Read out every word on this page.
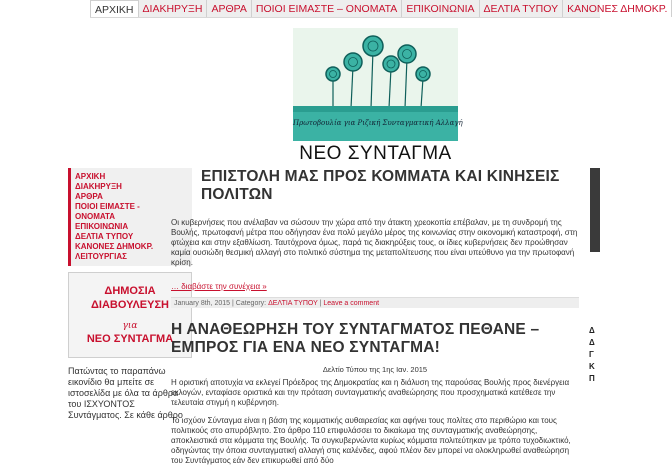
ΑΡΧΙΚΗ ΔΙΑΚΗΡΥΞΗ ΑΡΘΡΑ ΠΟΙΟΙ ΕΙΜΑΣΤΕ – ΟΝΟΜΑΤΑ ΕΠΙΚΟΙΝΩΝΙΑ ΔΕΛΤΙΑ ΤΥΠΟΥ ΚΑΝΟΝΕΣ ΔΗΜΟΚΡ.
Πρωτοβουλία για Ριζική Συνταγματική Αλλαγή
ΝΕΟ ΣΥΝΤΑΓΜΑ
ΑΡΧΙΚΗ
ΔΙΑΚΗΡΥΞΗ
ΑΡΘΡΑ
ΠΟΙΟΙ ΕΙΜΑΣΤΕ -
ΟΝΟΜΑΤΑ
ΕΠΙΚΟΙΝΩΝΙΑ
ΔΕΛΤΙΑ ΤΥΠΟΥ
ΚΑΝΟΝΕΣ ΔΗΜΟΚΡ.
ΛΕΙΤΟΥΡΓΙΑΣ
ΔΗΜΟΣΙΑ
ΔΙΑΒΟΥΛΕΥΣΗ
για
ΝΕΟ ΣΥΝΤΑΓΜΑ
Πατώντας το παραπάνω
εικονίδιο θα μπείτε σε
ιστοσελίδα με όλα τα άρθρα
του ΙΣΧΥΟΝΤΟΣ
Συντάγματος. Σε κάθε άρθρο
ΕΠΙΣΤΟΛΗ ΜΑΣ ΠΡΟΣ ΚΟΜΜΑΤΑ ΚΑΙ ΚΙΝΗΣΕΙΣ ΠΟΛΙΤΩΝ

Οι κυβερνήσεις που ανέλαβαν να σώσουν την χώρα από την άτακτη χρεοκοπία επέβαλαν, με τη συνδρομή της Βουλής, πρωτοφανή μέτρα που οδήγησαν ένα πολύ μεγάλο μέρος της κοινωνίας στην οικονομική καταστροφή, στη φτώχεια και στην εξαθλίωση. Ταυτόχρονα όμως, παρά τις διακηρύξεις τους, οι ίδιες κυβερνήσεις δεν προώθησαν καμία ουσιώδη θεσμική αλλαγή στο πολιτικό σύστημα της μεταπολίτευσης που είναι υπεύθυνο για την πρωτοφανή κρίση.

… διαβάστε την συνέχεια »
January 8th, 2015 | Category: ΔΕΛΤΙΑ ΤΥΠΟΥ | Leave a comment
Η ΑΝΑΘΕΩΡΗΣΗ ΤΟΥ ΣΥΝΤΑΓΜΑΤΟΣ ΠΕΘΑΝΕ – ΕΜΠΡΟΣ ΓΙΑ ΕΝΑ ΝΕΟ ΣΥΝΤΑΓΜΑ!

Δελτίο Τύπου της 1ης Ιαν. 2015

Η οριστική αποτυχία να εκλεγεί Πρόεδρος της Δημοκρατίας και η διάλυση της παρούσας Βουλής προς διενέργεια εκλογών, ενταφίασε οριστικά και την πρόταση συνταγματικής αναθεώρησης που προσχηματικά κατέθεσε την τελευταία στιγμή η κυβέρνηση.

Το ισχύον Σύνταγμα είναι η βάση της κομματικής αυθαιρεσίας και αφήνει τους πολίτες στο περιθώριο και τους πολιτικούς στο απυρόβλητο. Στο άρθρο 110 επιφυλάσσει το δικαίωμα της συνταγματικής αναθεώρησης, αποκλειστικά στα κόμματα της Βουλής. Τα συγκυβερνώντα κυρίως κόμματα πολιτεύτηκαν με τρόπο τυχοδιωκτικό, οδηγώντας την όποια συνταγματική αλλαγή στις καλένδες, αφού πλέον δεν μπορεί να ολοκληρωθεί αναθεώρηση του Συντάγματος εάν δεν επικυρωθεί από δύο

Δ
Δ
Γ
Κ
Π
